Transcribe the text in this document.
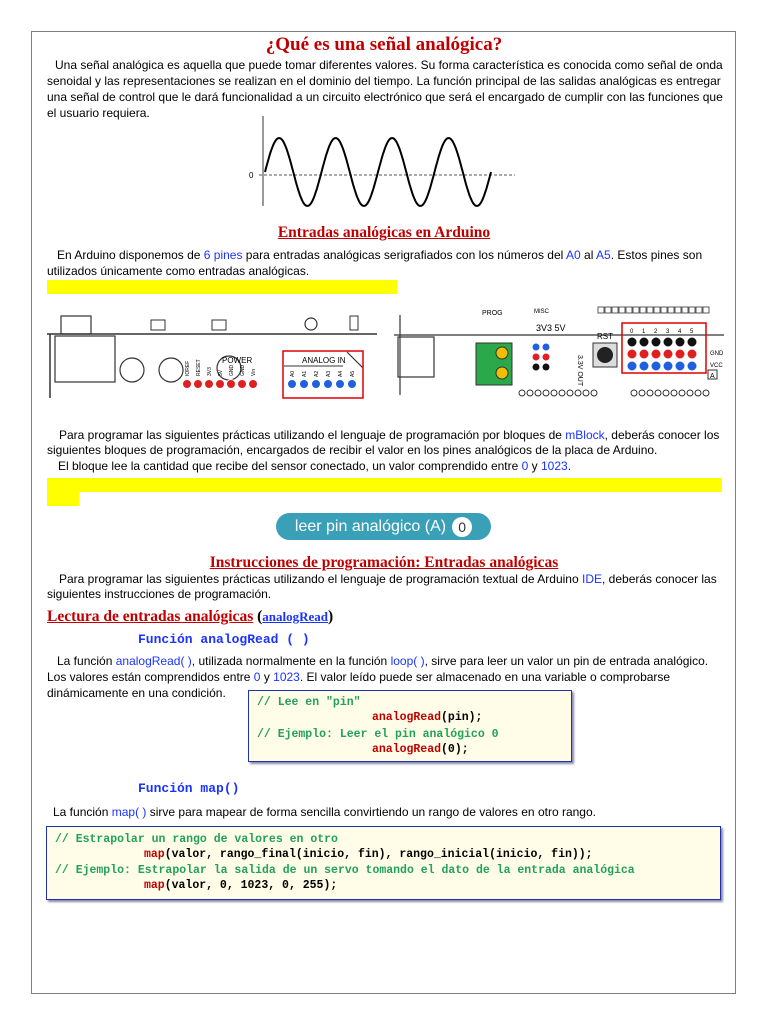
¿Qué es una señal analógica?
Una señal analógica es aquella que puede tomar diferentes valores. Su forma característica es conocida como señal de onda senoidal y las representaciones se realizan en el dominio del tiempo. La función principal de las salidas analógicas es entregar una señal de control que le dará funcionalidad a un circuito electrónico que será el encargado de cumplir con las funciones que el usuario requiera.
0
Entradas analógicas en Arduino
En Arduino disponemos de 6 pines para entradas analógicas serigrafiados con los números del A0 al A5. Estos pines son utilizados únicamente como entradas analógicas.
POWER	ANALOG IN
IOREF RESET 3V3 5V GND GND Vin	A0 A1 A2 A3 A4 A5
PROG	MISC
3V3 5V
RST
3.3V OUT
0 1 2 3 4 5
GND
VCC
A
Para programar las siguientes prácticas utilizando el lenguaje de programación por bloques de mBlock, deberás conocer los siguientes bloques de programación, encargados de recibir el valor en los pines analógicos de la placa de Arduino.
El bloque lee la cantidad que recibe del sensor conectado, un valor comprendido entre 0 y 1023.
leer pin analógico (A) 0
Instrucciones de programación: Entradas analógicas
Para programar las siguientes prácticas utilizando el lenguaje de programación textual de Arduino IDE, deberás conocer las siguientes instrucciones de programación.
Lectura de entradas analógicas (analogRead)
Función analogRead ( )
La función analogRead( ), utilizada normalmente en la función loop( ), sirve para leer un valor un pin de entrada analógico. Los valores están comprendidos entre 0 y 1023. El valor leído puede ser almacenado en una variable o comprobarse dinámicamente en una condición.
// Lee en "pin"
analogRead(pin);
// Ejemplo: Leer el pin analógico 0
analogRead(0);
Función map()
La función map( ) sirve para mapear de forma sencilla convirtiendo un rango de valores en otro rango.
// Estrapolar un rango de valores en otro
map(valor, rango_final(inicio, fin), rango_inicial(inicio, fin));
// Ejemplo: Estrapolar la salida de un servo tomando el dato de la entrada analógica
map(valor, 0, 1023, 0, 255);
